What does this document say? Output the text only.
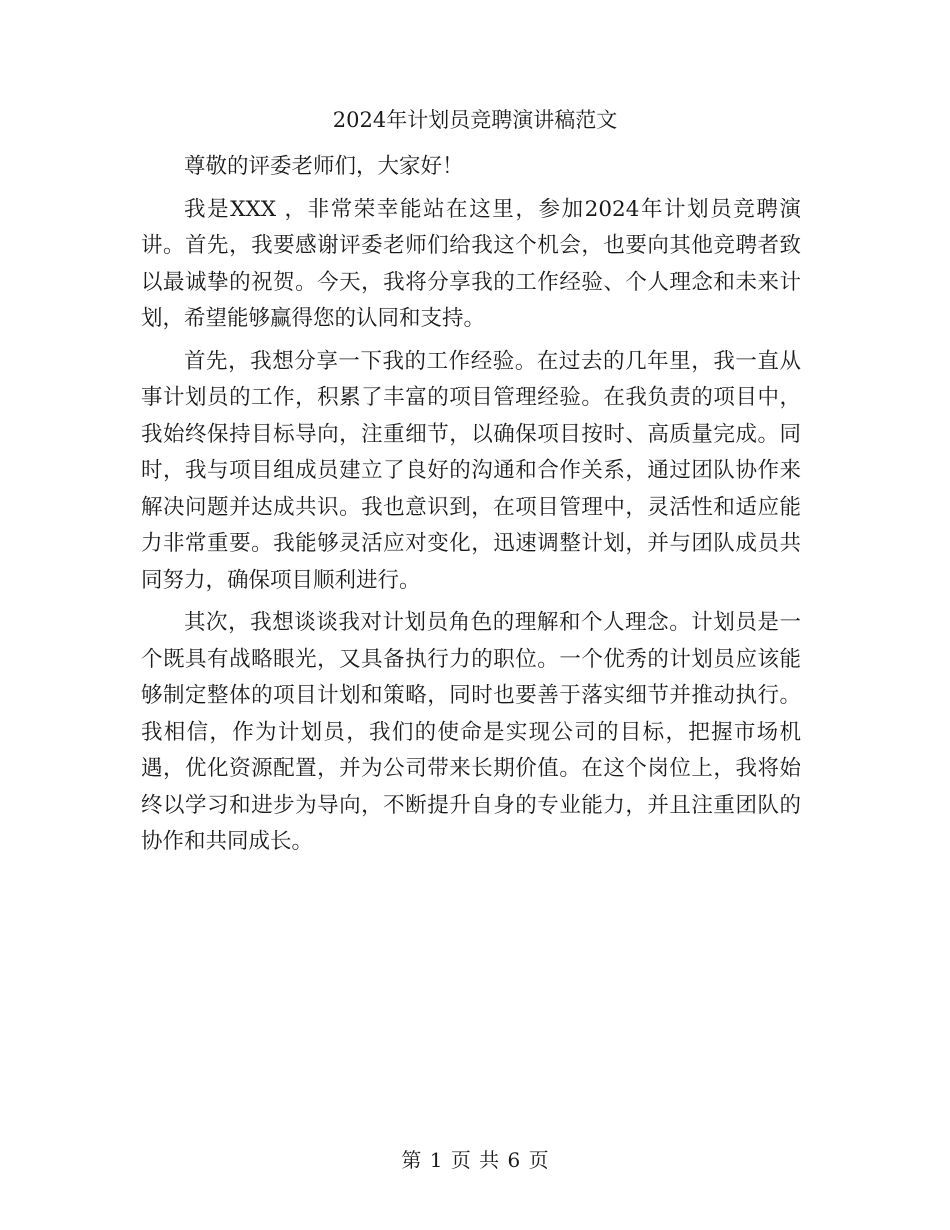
2024年计划员竞聘演讲稿范文

尊敬的评委老师们，大家好！

我是XXX ，非常荣幸能站在这里，参加2024年计划员竞聘演讲。首先，我要感谢评委老师们给我这个机会，也要向其他竞聘者致以最诚挚的祝贺。今天，我将分享我的工作经验、个人理念和未来计划，希望能够赢得您的认同和支持。

首先，我想分享一下我的工作经验。在过去的几年里，我一直从事计划员的工作，积累了丰富的项目管理经验。在我负责的项目中，我始终保持目标导向，注重细节，以确保项目按时、高质量完成。同时，我与项目组成员建立了良好的沟通和合作关系，通过团队协作来解决问题并达成共识。我也意识到，在项目管理中，灵活性和适应能力非常重要。我能够灵活应对变化，迅速调整计划，并与团队成员共同努力，确保项目顺利进行。

其次，我想谈谈我对计划员角色的理解和个人理念。计划员是一个既具有战略眼光，又具备执行力的职位。一个优秀的计划员应该能够制定整体的项目计划和策略，同时也要善于落实细节并推动执行。我相信，作为计划员，我们的使命是实现公司的目标，把握市场机遇，优化资源配置，并为公司带来长期价值。在这个岗位上，我将始终以学习和进步为导向，不断提升自身的专业能力，并且注重团队的协作和共同成长。

第 1 页 共 6 页
